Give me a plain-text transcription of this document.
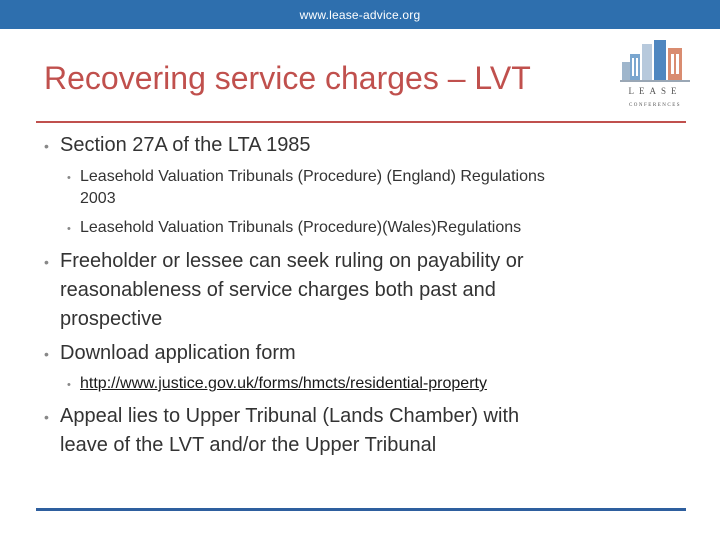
www.lease-advice.org
Recovering service charges – LVT	LEASE
CONFERENCES
• Section 27A of the LTA 1985
• Leasehold Valuation Tribunals (Procedure) (England) Regulations
2003
• Leasehold Valuation Tribunals (Procedure)(Wales)Regulations
• Freeholder or lessee can seek ruling on payability or
reasonableness of service charges both past and
prospective
• Download application form
• http://www.justice.gov.uk/forms/hmcts/residential-property
• Appeal lies to Upper Tribunal (Lands Chamber) with
leave of the LVT and/or the Upper Tribunal
